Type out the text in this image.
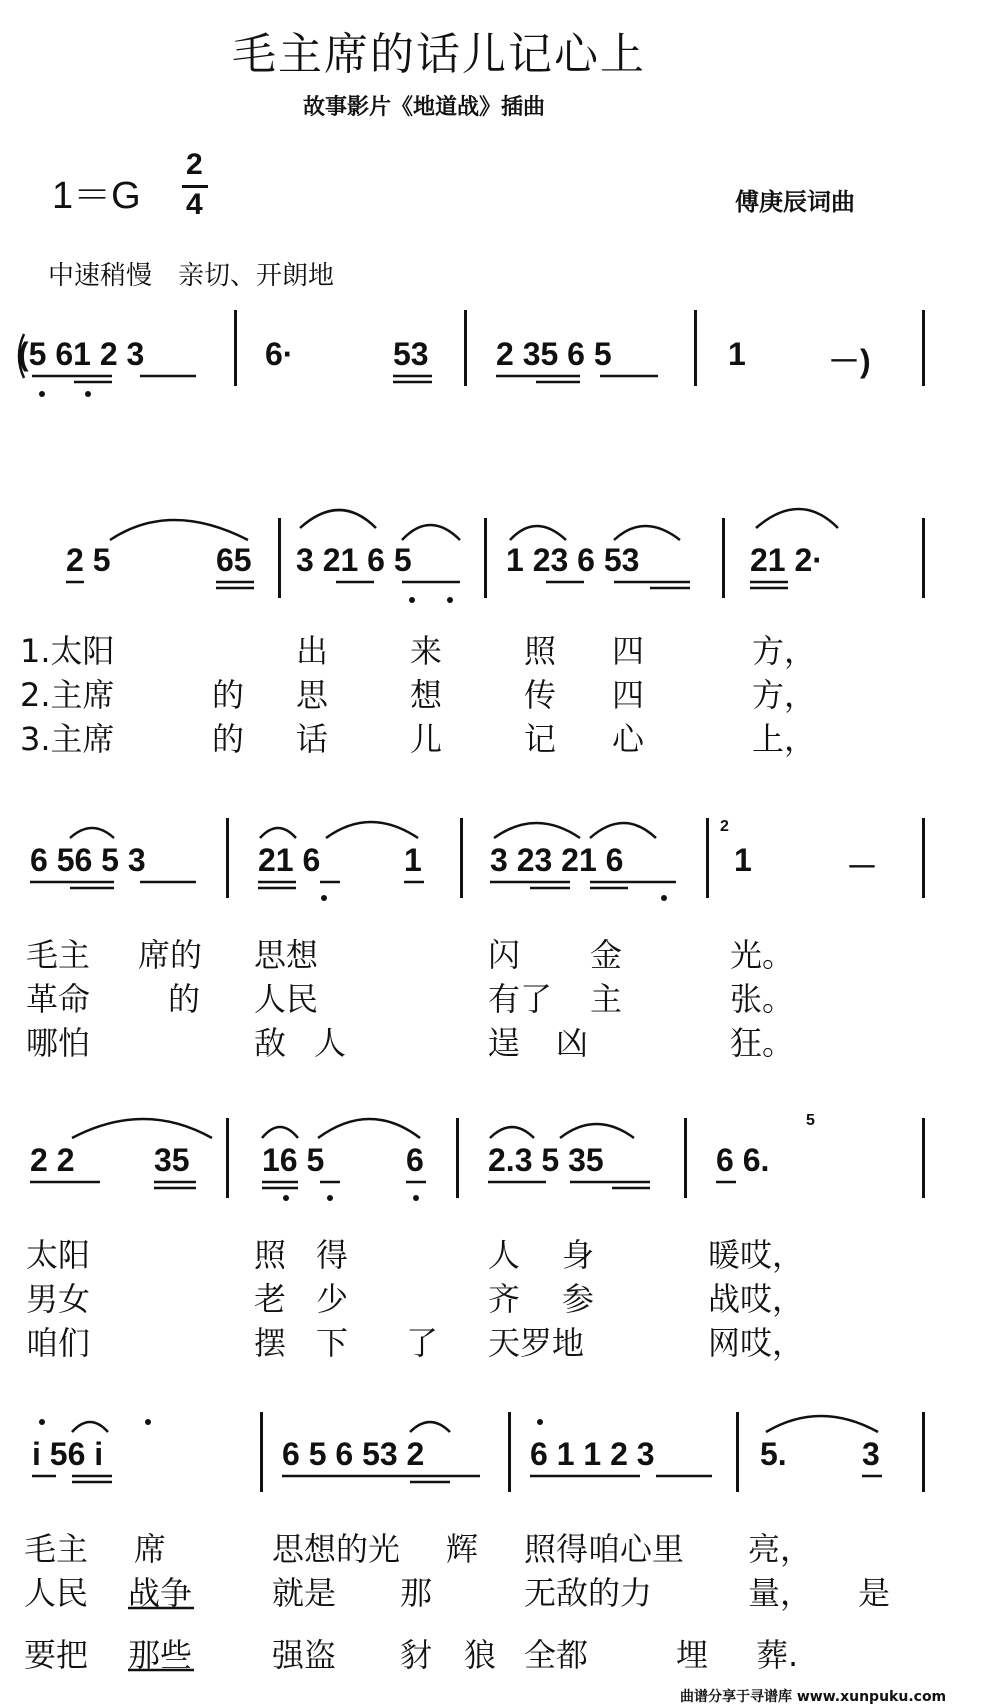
毛主席的话儿记心上
故事影片《地道战》插曲
1＝G
2
4	傅庚辰词曲
中速稍慢　亲切、开朗地
(5 61 2 3	6·	53 2 35 6 5	1	－)
2 5	65 3 21 6 5	1 23 6 53	21 2·
1.太阳	出	来	照 四	方，
2.主席	的 思	想	传 四	方，
3.主席	的 话	儿	记 心	上，
6 56 5 3	21 6	1 3 23 21 6
2
1	－
毛主 席的 思想	闪 金	光。
革命 的 人民	有了 主	张。
哪怕	敌 人	逞 凶	狂。
2 2 35 16 5	6 2.3 5 35	6 6.
5
太阳	照 得	人 身	暖哎，
男女	老 少	齐 参	战哎，
咱们	摆 下 了 天罗地	网哎，
i 56 i	6 5 6 53 2	6 1 1 2 3	5. 3
毛主 席	思想的光 辉 照得咱心里 亮，
人民 战争 就是 那	无敌的力	量， 是
要把 那些 强盗 豺 狼 全都	埋 葬.
曲谱分享于寻谱库 www.xunpuku.com
